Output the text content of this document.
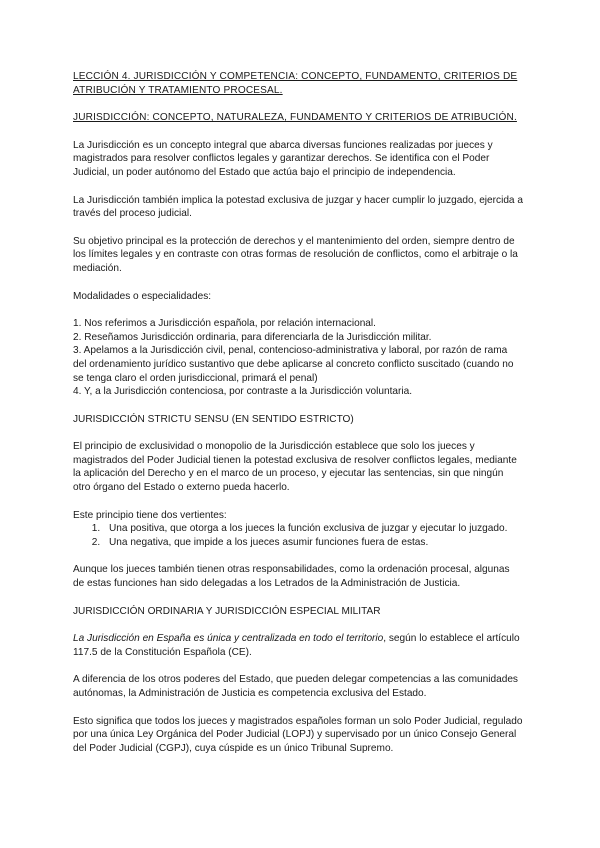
LECCIÓN 4. JURISDICCIÓN Y COMPETENCIA: CONCEPTO, FUNDAMENTO, CRITERIOS DE ATRIBUCIÓN Y TRATAMIENTO PROCESAL.

JURISDICCIÓN: CONCEPTO, NATURALEZA, FUNDAMENTO Y CRITERIOS DE ATRIBUCIÓN.

La Jurisdicción es un concepto integral que abarca diversas funciones realizadas por jueces y magistrados para resolver conflictos legales y garantizar derechos. Se identifica con el Poder Judicial, un poder autónomo del Estado que actúa bajo el principio de independencia.

La Jurisdicción también implica la potestad exclusiva de juzgar y hacer cumplir lo juzgado, ejercida a través del proceso judicial.

Su objetivo principal es la protección de derechos y el mantenimiento del orden, siempre dentro de los límites legales y en contraste con otras formas de resolución de conflictos, como el arbitraje o la mediación.

Modalidades o especialidades:

1. Nos referimos a Jurisdicción española, por relación internacional.

2. Reseñamos Jurisdicción ordinaria, para diferenciarla de la Jurisdicción militar.

3. Apelamos a la Jurisdicción civil, penal, contencioso-administrativa y laboral, por razón de rama del ordenamiento jurídico sustantivo que debe aplicarse al concreto conflicto suscitado (cuando no se tenga claro el orden jurisdiccional, primará el penal)

4. Y, a la Jurisdicción contenciosa, por contraste a la Jurisdicción voluntaria.

JURISDICCIÓN STRICTU SENSU (EN SENTIDO ESTRICTO)

El principio de exclusividad o monopolio de la Jurisdicción establece que solo los jueces y magistrados del Poder Judicial tienen la potestad exclusiva de resolver conflictos legales, mediante la aplicación del Derecho y en el marco de un proceso, y ejecutar las sentencias, sin que ningún otro órgano del Estado o externo pueda hacerlo.

Este principio tiene dos vertientes:

1. Una positiva, que otorga a los jueces la función exclusiva de juzgar y ejecutar lo juzgado.
2. Una negativa, que impide a los jueces asumir funciones fuera de estas.

Aunque los jueces también tienen otras responsabilidades, como la ordenación procesal, algunas de estas funciones han sido delegadas a los Letrados de la Administración de Justicia.

JURISDICCIÓN ORDINARIA Y JURISDICCIÓN ESPECIAL MILITAR

La Jurisdicción en España es única y centralizada en todo el territorio, según lo establece el artículo 117.5 de la Constitución Española (CE).

A diferencia de los otros poderes del Estado, que pueden delegar competencias a las comunidades autónomas, la Administración de Justicia es competencia exclusiva del Estado.

Esto significa que todos los jueces y magistrados españoles forman un solo Poder Judicial, regulado por una única Ley Orgánica del Poder Judicial (LOPJ) y supervisado por un único Consejo General del Poder Judicial (CGPJ), cuya cúspide es un único Tribunal Supremo.
